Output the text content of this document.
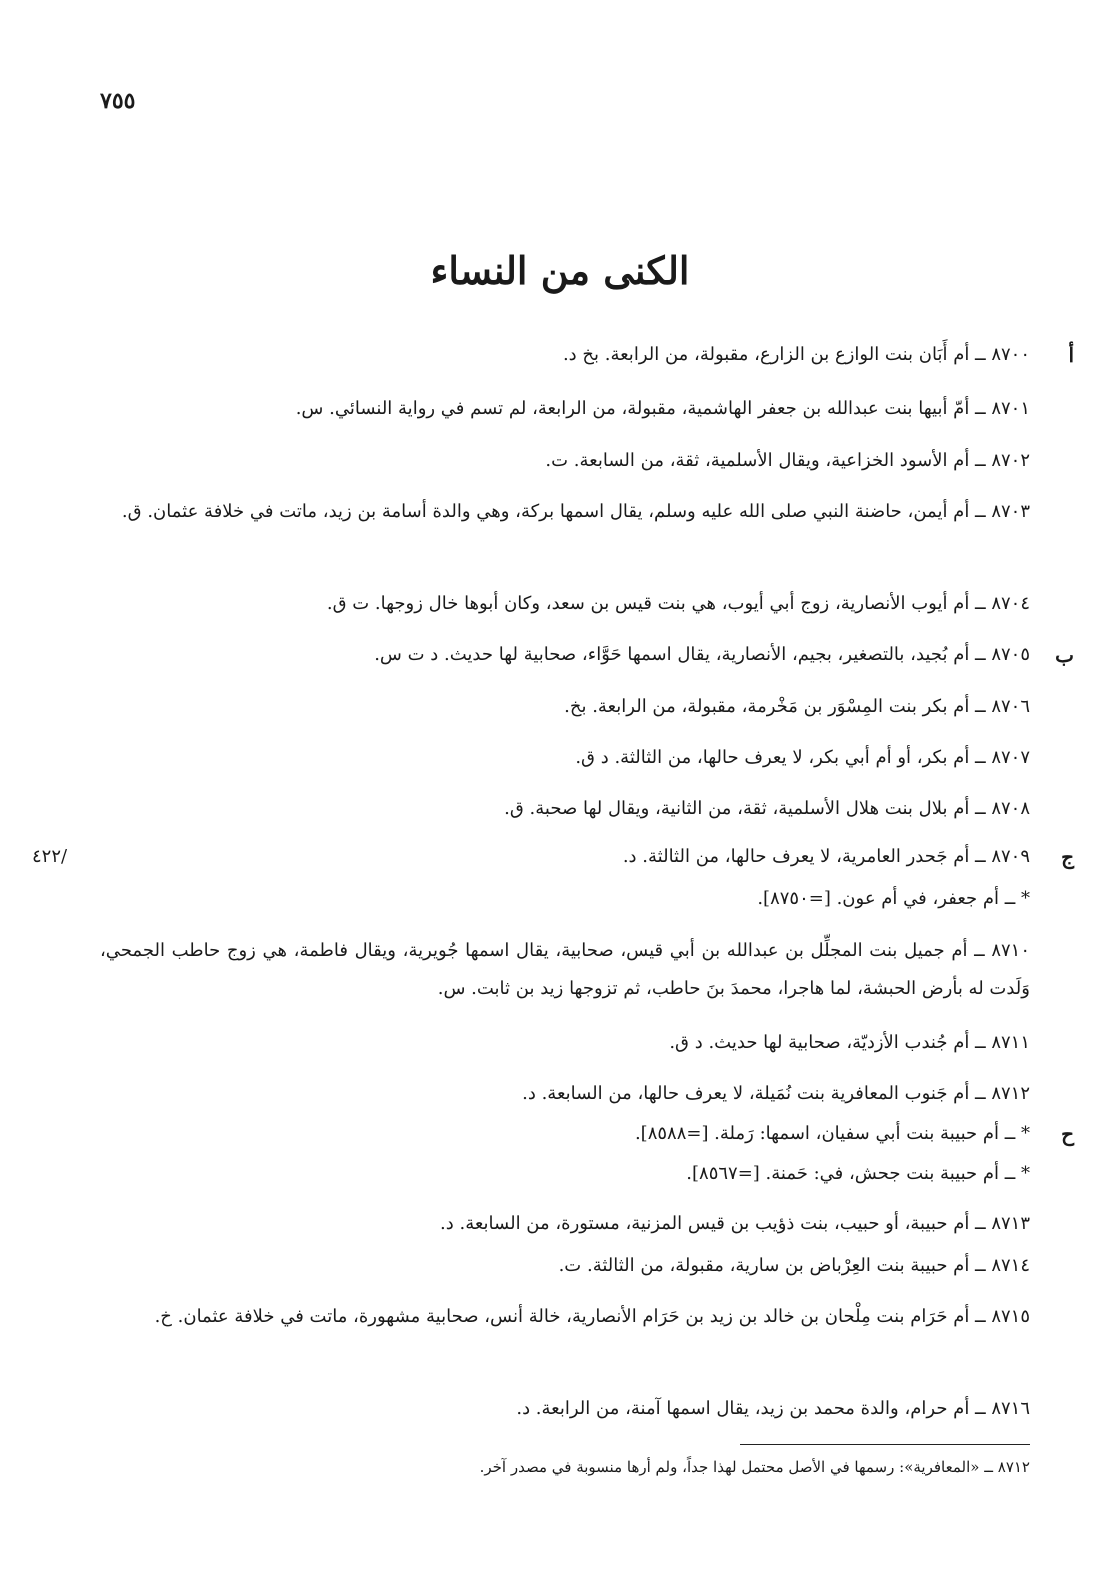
٧٥٥
الكنى من النساء
أ
ب
ج
ح
/٤٢٢
٨٧٠٠ ــ أم أَبَان بنت الوازع بن الزارع، مقبولة، من الرابعة. بخ د.
٨٧٠١ ــ أمّ أبيها بنت عبدالله بن جعفر الهاشمية، مقبولة، من الرابعة، لم تسم في رواية النسائي. س.
٨٧٠٢ ــ أم الأسود الخزاعية، ويقال الأسلمية، ثقة، من السابعة. ت.
٨٧٠٣ ــ أم أيمن، حاضنة النبي صلى الله عليه وسلم، يقال اسمها بركة، وهي والدة أسامة بن زيد، ماتت في خلافة عثمان. ق.
٨٧٠٤ ــ أم أيوب الأنصارية، زوج أبي أيوب، هي بنت قيس بن سعد، وكان أبوها خال زوجها. ت ق.
٨٧٠٥ ــ أم بُجيد، بالتصغير، بجيم، الأنصارية، يقال اسمها حَوَّاء، صحابية لها حديث. د ت س.
٨٧٠٦ ــ أم بكر بنت المِسْوَر بن مَخْرمة، مقبولة، من الرابعة. بخ.
٨٧٠٧ ــ أم بكر، أو أم أبي بكر، لا يعرف حالها، من الثالثة. د ق.
٨٧٠٨ ــ أم بلال بنت هلال الأسلمية، ثقة، من الثانية، ويقال لها صحبة. ق.
٨٧٠٩ ــ أم جَحدر العامرية، لا يعرف حالها، من الثالثة. د.
* ــ أم جعفر، في أم عون. [=٨٧٥٠].
٨٧١٠ ــ أم جميل بنت المجلِّل بن عبدالله بن أبي قيس، صحابية، يقال اسمها جُويرية، ويقال فاطمة، هي زوج حاطب الجمحي، وَلَدت له بأرض الحبشة، لما هاجرا، محمدَ بنَ حاطب، ثم تزوجها زيد بن ثابت. س.
٨٧١١ ــ أم جُندب الأزديّة، صحابية لها حديث. د ق.
٨٧١٢ ــ أم جَنوب المعافرية بنت نُمَيلة، لا يعرف حالها، من السابعة. د.
* ــ أم حبيبة بنت أبي سفيان، اسمها: رَملة. [=٨٥٨٨].
* ــ أم حبيبة بنت جحش، في: حَمنة. [=٨٥٦٧].
٨٧١٣ ــ أم حبيبة، أو حبيب، بنت ذؤيب بن قيس المزنية، مستورة، من السابعة. د.
٨٧١٤ ــ أم حبيبة بنت العِرْباض بن سارية، مقبولة، من الثالثة. ت.
٨٧١٥ ــ أم حَرَام بنت مِلْحان بن خالد بن زيد بن حَرَام الأنصارية، خالة أنس، صحابية مشهورة، ماتت في خلافة عثمان. خ.
٨٧١٦ ــ أم حرام، والدة محمد بن زيد، يقال اسمها آمنة، من الرابعة. د.
٨٧١٢ ــ «المعافرية»: رسمها في الأصل محتمل لهذا جداً، ولم أرها منسوبة في مصدر آخر.
